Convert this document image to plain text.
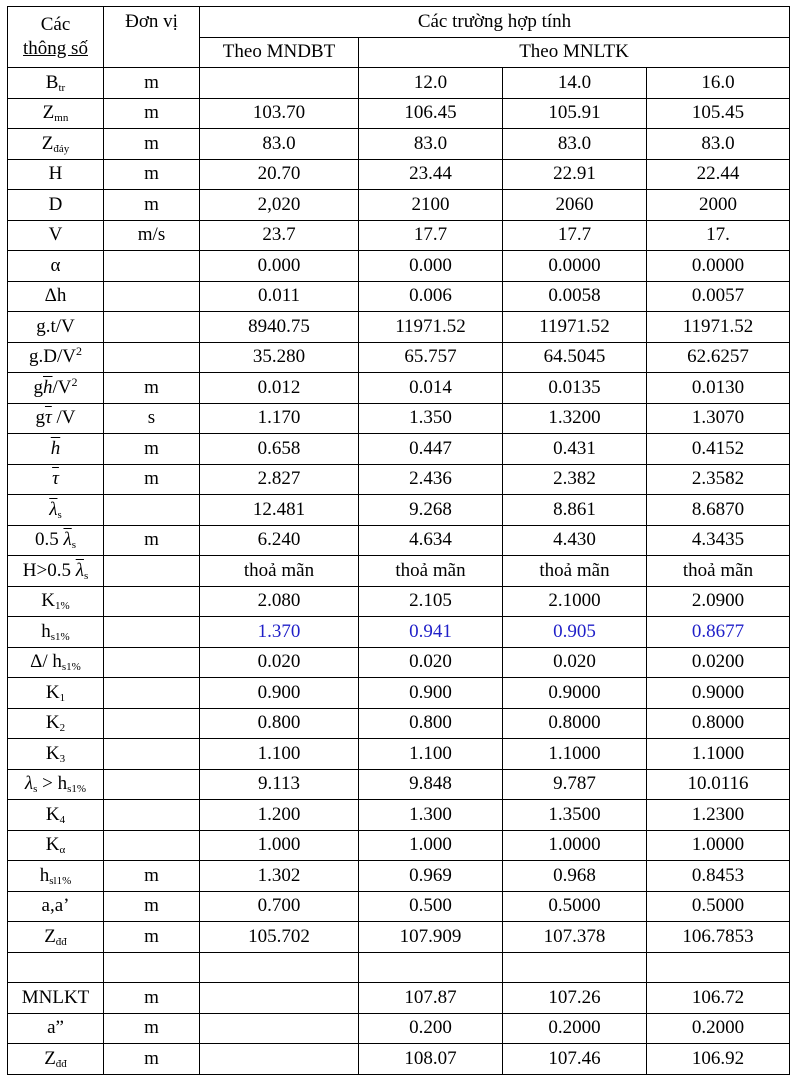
Các
thông số	Đơn vị	Các trường hợp tính			
		Theo MNDBT	Theo MNLTK		
$B_{tr}$	m		12.0	14.0	16.0
$Z_{mn}$	m	103.70	106.45	105.91	105.45
$Z_{đáy}$	m	83.0	83.0	83.0	83.0
H	m	20.70	23.44	22.91	22.44
D	m	2,020	2100	2060	2000
V	m/s	23.7	17.7	17.7	17.
α		0.000	0.000	0.0000	0.0000
Δh		0.011	0.006	0.0058	0.0057
g.t/V		8940.75	11971.52	11971.52	11971.52
$g.D/V^2$		35.280	65.757	64.5045	62.6257
$g\overline{h}/V^2$	m	0.012	0.014	0.0135	0.0130
$g\overline{\tau}$ /V	s	1.170	1.350	1.3200	1.3070
$\overline{h}$	m	0.658	0.447	0.431	0.4152
$\overline{\tau}$	m	2.827	2.436	2.382	2.3582
$\overline{\lambda}_s$		12.481	9.268	8.861	8.6870
0.5 $\overline{\lambda}_s$	m	6.240	4.634	4.430	4.3435
H>0.5 $\overline{\lambda}_s$		thoả mãn	thoả mãn	thoả mãn	thoả mãn
$K_{1\%}$		2.080	2.105	2.1000	2.0900
$h_{s1\%}$		1.370	0.941	0.905	0.8677
Δ/ $h_{s1\%}$		0.020	0.020	0.020	0.0200
$K_1$		0.900	0.900	0.9000	0.9000
$K_2$		0.800	0.800	0.8000	0.8000
$K_3$		1.100	1.100	1.1000	1.1000
$\lambda_s > h_{s1\%}$		9.113	9.848	9.787	10.0116
$K_4$		1.200	1.300	1.3500	1.2300
$K_\alpha$		1.000	1.000	1.0000	1.0000
$h_{sl1\%}$	m	1.302	0.969	0.968	0.8453
a,a’	m	0.700	0.500	0.5000	0.5000
$Z_{đđ}$	m	105.702	107.909	107.378	106.7853

MNLKT	m		107.87	107.26	106.72
a”	m		0.200	0.2000	0.2000
$Z_{đđ}$	m		108.07	107.46	106.92
